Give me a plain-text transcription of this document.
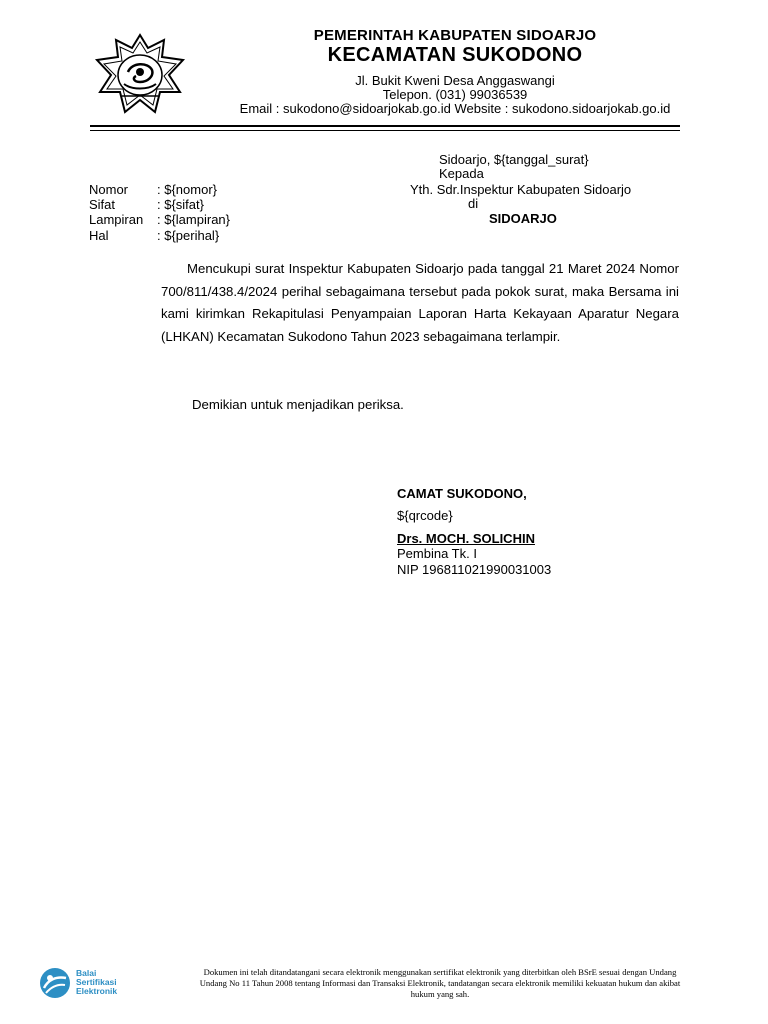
PEMERINTAH KABUPATEN SIDOARJO
KECAMATAN SUKODONO
Jl. Bukit Kweni Desa Anggaswangi
Telepon. (031) 99036539
Email : sukodono@sidoarjokab.go.id Website : sukodono.sidoarjokab.go.id
Sidoarjo, ${tanggal_surat}
Kepada
Yth. Sdr.Inspektur Kabupaten Sidoarjo
di
SIDOARJO
Nomor : ${nomor}
Sifat	: ${sifat}
Lampiran : ${lampiran}
Hal	: ${perihal}
Mencukupi surat Inspektur Kabupaten Sidoarjo pada tanggal 21 Maret 2024 Nomor 700/811/438.4/2024 perihal sebagaimana tersebut pada pokok surat, maka Bersama ini kami kirimkan Rekapitulasi Penyampaian Laporan Harta Kekayaan Aparatur Negara (LHKAN) Kecamatan Sukodono Tahun 2023 sebagaimana terlampir.
Demikian untuk menjadikan periksa.
CAMAT SUKODONO,
${qrcode}
Drs. MOCH. SOLICHIN
Pembina Tk. I
NIP 196811021990031003
Balai
Sertifikasi
Elektronik
Dokumen ini telah ditandatangani secara elektronik menggunakan sertifikat elektronik yang diterbitkan oleh BSrE sesuai dengan Undang
Undang No 11 Tahun 2008 tentang Informasi dan Transaksi Elektronik, tandatangan secara elektronik memiliki kekuatan hukum dan akibat
hukum yang sah.
